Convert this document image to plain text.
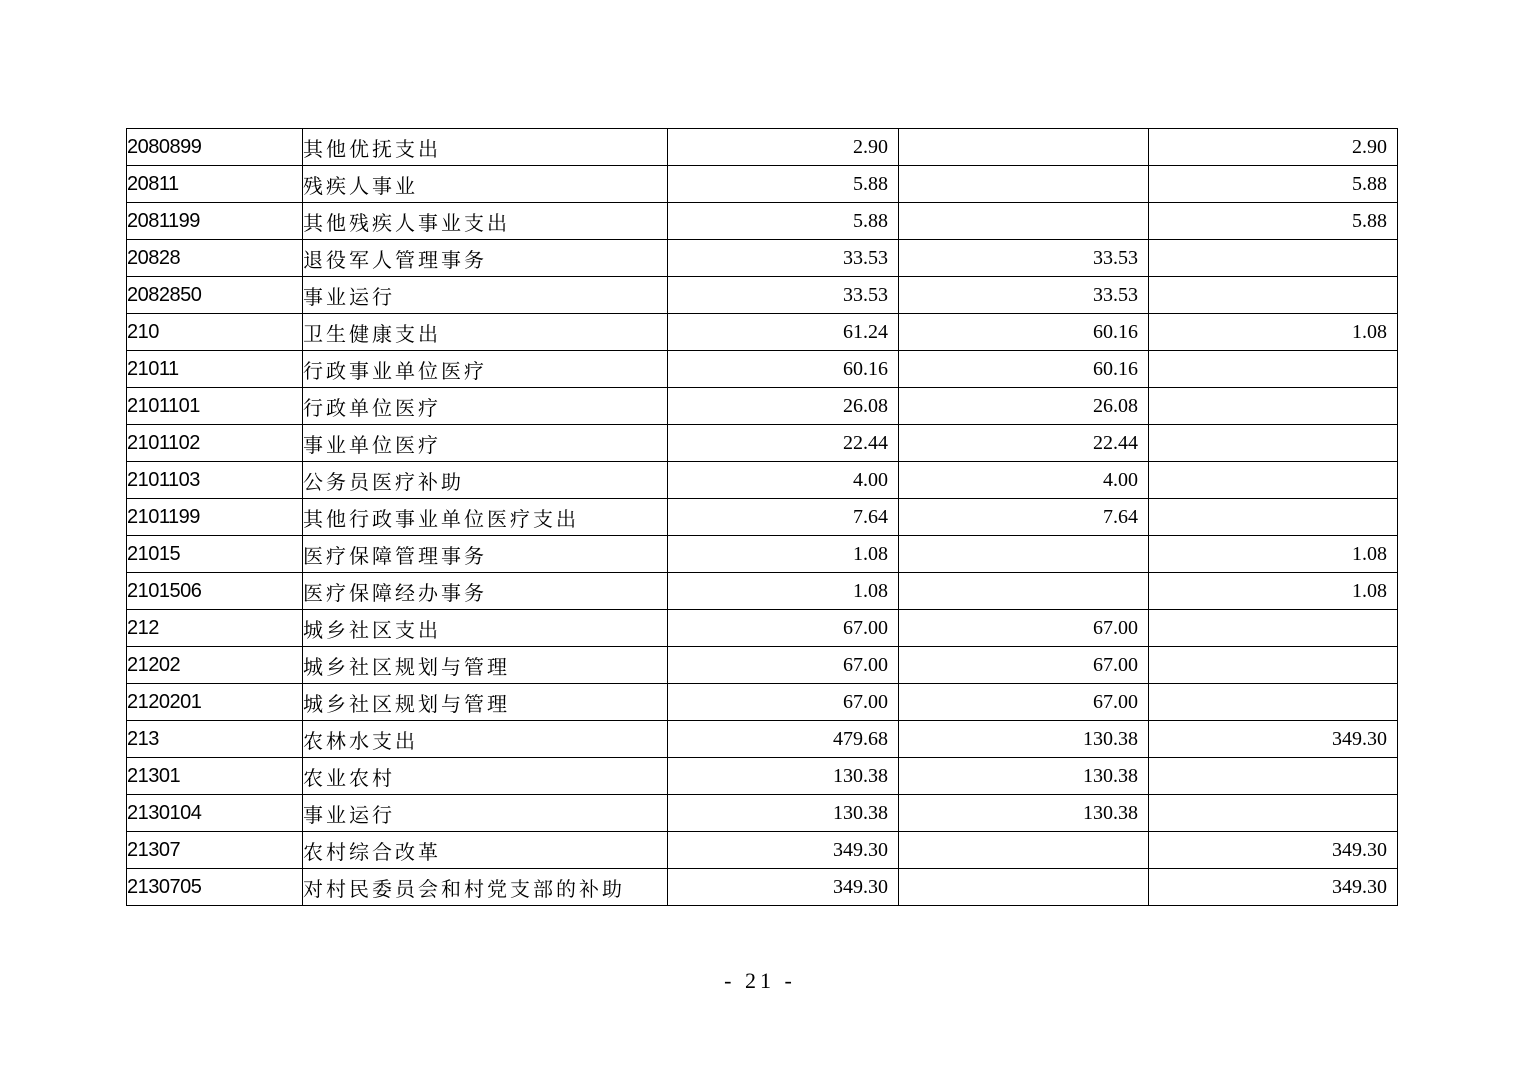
2080899	其他优抚支出	2.90		2.90
20811	残疾人事业	5.88		5.88
2081199	其他残疾人事业支出	5.88		5.88
20828	退役军人管理事务	33.53	33.53	
2082850	事业运行	33.53	33.53	
210	卫生健康支出	61.24	60.16	1.08
21011	行政事业单位医疗	60.16	60.16	
2101101	行政单位医疗	26.08	26.08	
2101102	事业单位医疗	22.44	22.44	
2101103	公务员医疗补助	4.00	4.00	
2101199	其他行政事业单位医疗支出	7.64	7.64	
21015	医疗保障管理事务	1.08		1.08
2101506	医疗保障经办事务	1.08		1.08
212	城乡社区支出	67.00	67.00	
21202	城乡社区规划与管理	67.00	67.00	
2120201	城乡社区规划与管理	67.00	67.00	
213	农林水支出	479.68	130.38	349.30
21301	农业农村	130.38	130.38	
2130104	事业运行	130.38	130.38	
21307	农村综合改革	349.30		349.30
2130705	对村民委员会和村党支部的补助	349.30		349.30
- 21 -
